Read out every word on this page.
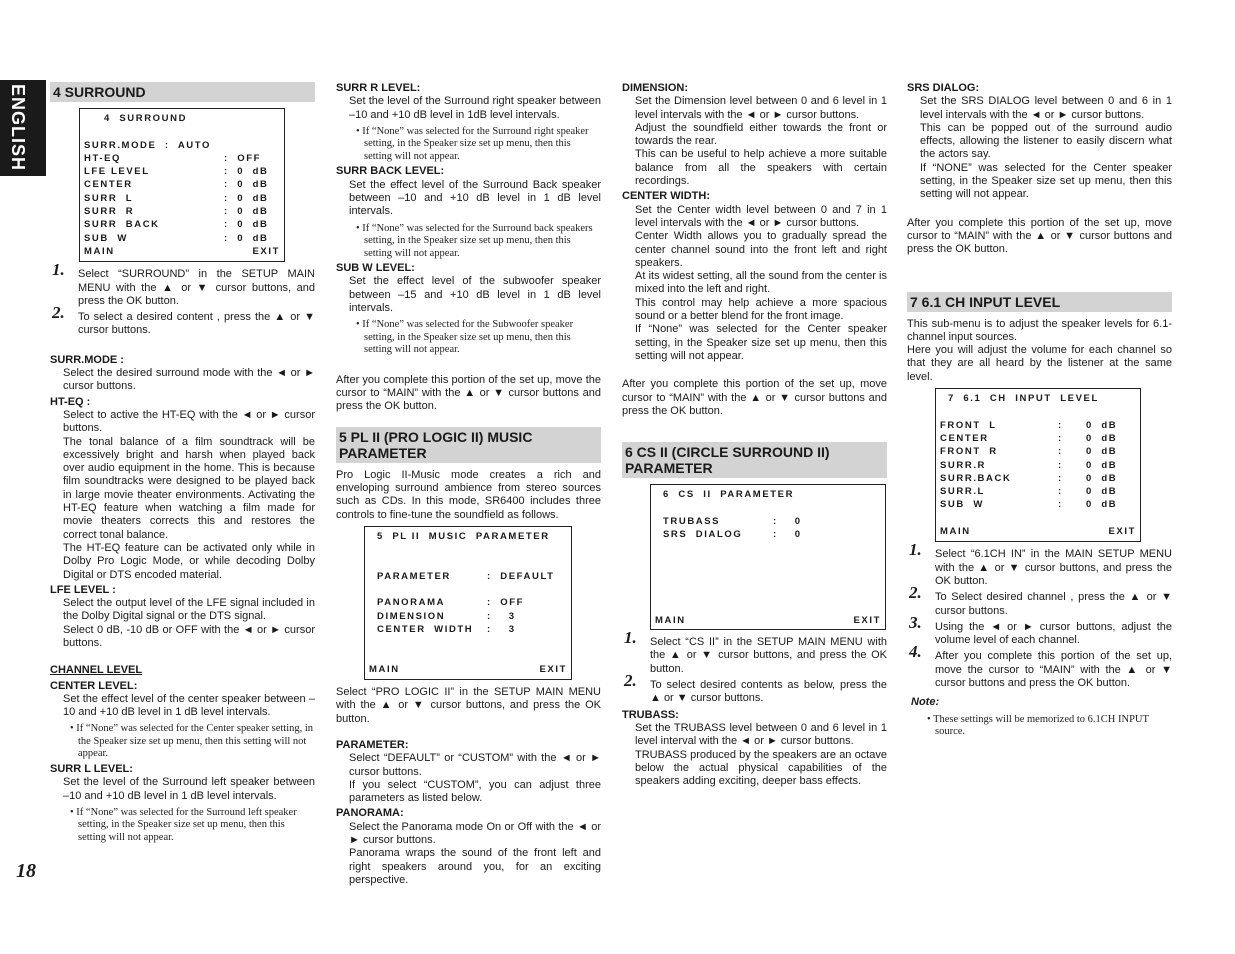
ENGLISH
18
4 SURROUND
4  SURROUND
SURR.MODE  :  AUTO
HT-EQ	:  OFF
LFE LEVEL	:  0  dB
CENTER	:  0  dB
SURR  L	:  0  dB
SURR  R	:  0  dB
SURR  BACK	:  0  dB
SUB  W	:  0  dB
MAIN	EXIT
1. Select “SURROUND” in the SETUP MAIN MENU with the ▲ or ▼ cursor buttons, and press the OK button.
2. To select a desired content , press the ▲ or ▼ cursor buttons.
SURR.MODE :
Select the desired surround mode with the ◄ or ► cursor buttons.
HT-EQ :
Select to active the HT-EQ with the ◄ or ► cursor buttons.
The tonal balance of a film soundtrack will be excessively bright and harsh when played back over audio equipment in the home. This is because film soundtracks were designed to be played back in large movie theater environments. Activating the HT-EQ feature when watching a film made for movie theaters corrects this and restores the correct tonal balance.
The HT-EQ feature can be activated only while in Dolby Pro Logic Mode, or while decoding Dolby Digital or DTS encoded material.
LFE LEVEL :
Select the output level of the LFE signal included in the Dolby Digital signal or the DTS signal.
Select 0 dB, -10 dB or OFF with the ◄ or ► cursor buttons.
CHANNEL LEVEL
CENTER LEVEL:
Set the effect level of the center speaker between –10 and +10 dB level in 1 dB level intervals.
• If “None” was selected for the Center speaker setting, in the Speaker size set up menu, then this setting will not appear.
SURR L LEVEL:
Set the level of the Surround left speaker between –10 and +10 dB level in 1 dB level intervals.
• If “None” was selected for the Surround left speaker setting, in the Speaker size set up menu, then this setting will not appear.
SURR R LEVEL:
Set the level of the Surround right speaker between –10 and +10 dB level in 1dB level intervals.
• If “None” was selected for the Surround right speaker setting, in the Speaker size set up menu, then this setting will not appear.
SURR BACK LEVEL:
Set the effect level of the Surround Back speaker between –10 and +10 dB level in 1 dB level intervals.
• If “None” was selected for the Surround back speakers setting, in the Speaker size set up menu, then this setting will not appear.
SUB W LEVEL:
Set the effect level of the subwoofer speaker between –15 and +10 dB level in 1 dB level intervals.
• If “None” was selected for the Subwoofer speaker setting, in the Speaker size set up menu, then this setting will not appear.
After you complete this portion of the set up, move the cursor to “MAIN” with the ▲ or ▼ cursor buttons and press the OK button.
5 PL II (PRO LOGIC II) MUSIC PARAMETER
Pro Logic II-Music mode creates a rich and enveloping surround ambience from stereo sources such as CDs. In this mode, SR6400 includes three controls to fine-tune the soundfield as follows.
5  PL II  MUSIC  PARAMETER
PARAMETER	:  DEFAULT
PANORAMA	:  OFF
DIMENSION	:    3
CENTER  WIDTH	:    3
MAIN	EXIT
Select “PRO LOGIC II” in the SETUP MAIN MENU with the ▲ or ▼ cursor buttons, and press the OK button.
PARAMETER:
Select “DEFAULT” or “CUSTOM” with the ◄ or ► cursor buttons.
If you select “CUSTOM”, you can adjust three parameters as listed below.
PANORAMA:
Select the Panorama mode On or Off with the ◄ or ► cursor buttons.
Panorama wraps the sound of the front left and right speakers around you, for an exciting perspective.
DIMENSION:
Set the Dimension level between 0 and 6 level in 1 level intervals with the ◄ or ► cursor buttons.
Adjust the soundfield either towards the front or towards the rear.
This can be useful to help achieve a more suitable balance from all the speakers with certain recordings.
CENTER WIDTH:
Set the Center width level between 0 and 7 in 1 level intervals with the ◄ or ► cursor buttons.
Center Width allows you to gradually spread the center channel sound into the front left and right speakers.
At its widest setting, all the sound from the center is mixed into the left and right.
This control may help achieve a more spacious sound or a better blend for the front image.
If “None” was selected for the Center speaker setting, in the Speaker size set up menu, then this setting will not appear.
After you complete this portion of the set up, move cursor to “MAIN” with the ▲ or ▼ cursor buttons and press the OK button.
6 CS II (CIRCLE SURROUND II) PARAMETER
6  CS  II  PARAMETER
TRUBASS	:    0
SRS  DIALOG	:    0
MAIN	EXIT
1. Select “CS II” in the SETUP MAIN MENU with the ▲ or ▼ cursor buttons, and press the OK button.
2. To select desired contents as below, press the ▲ or ▼ cursor buttons.
TRUBASS:
Set the TRUBASS level between 0 and 6 level in 1 level interval with the ◄ or ► cursor buttons.
TRUBASS produced by the speakers are an octave below the actual physical capabilities of the speakers adding exciting, deeper bass effects.
SRS DIALOG:
Set the SRS DIALOG level between 0 and 6 in 1 level intervals with the ◄ or ► cursor buttons.
This can be popped out of the surround audio effects, allowing the listener to easily discern what the actors say.
If “NONE” was selected for the Center speaker setting, in the Speaker size set up menu, then this setting will not appear.
After you complete this portion of the set up, move cursor to “MAIN” with the ▲ or ▼ cursor buttons and press the OK button.
7 6.1 CH INPUT LEVEL
This sub-menu is to adjust the speaker levels for 6.1-channel input sources.
Here you will adjust the volume for each channel so that they are all heard by the listener at the same level.
7  6.1  CH  INPUT  LEVEL
FRONT  L	:	0  dB
CENTER	:	0  dB
FRONT  R	:	0  dB
SURR.R	:	0  dB
SURR.BACK	:	0  dB
SURR.L	:	0  dB
SUB  W	:	0  dB
MAIN	EXIT
1. Select “6.1CH IN” in the MAIN SETUP MENU with the ▲ or ▼ cursor buttons, and press the OK button.
2. To Select desired channel , press the ▲ or ▼ cursor buttons.
3. Using the ◄ or ► cursor buttons, adjust the volume level of each channel.
4. After you complete this portion of the set up, move the cursor to “MAIN” with the ▲ or ▼ cursor buttons and press the OK button.
Note:
• These settings will be memorized to 6.1CH INPUT source.
